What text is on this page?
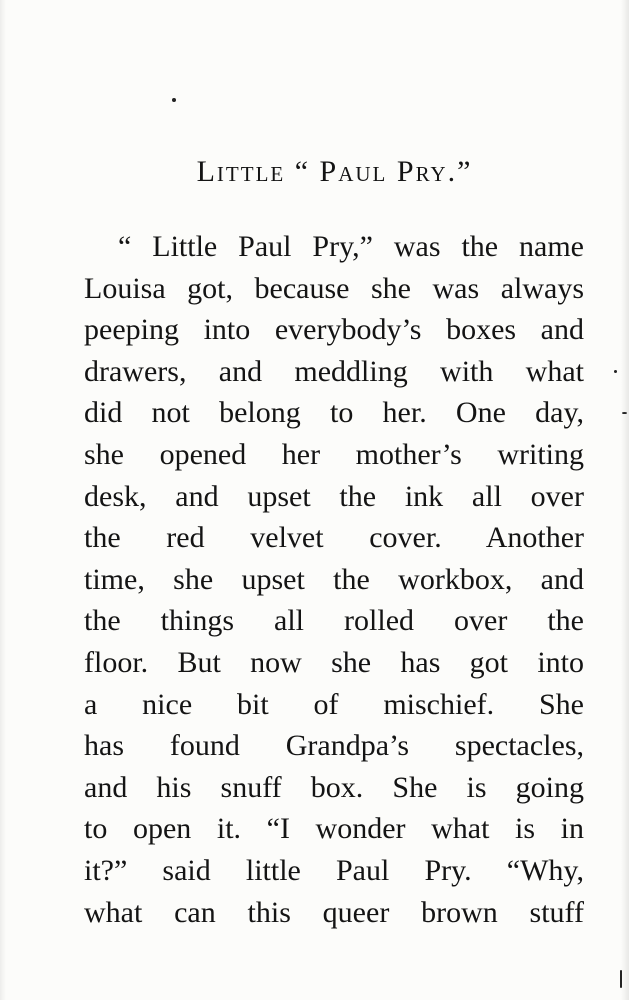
Little “ Paul Pry.”
“ Little Paul Pry,” was the name
Louisa got, because she was always
peeping into everybody’s boxes and
drawers, and meddling with what
did not belong to her. One day,
she opened her mother’s writing
desk, and upset the ink all over
the red velvet cover. Another
time, she upset the workbox, and
the things all rolled over the
floor. But now she has got into
a nice bit of mischief. She
has found Grandpa’s spectacles,
and his snuff box. She is going
to open it. “I wonder what is in
it?” said little Paul Pry. “Why,
what can this queer brown stuff
